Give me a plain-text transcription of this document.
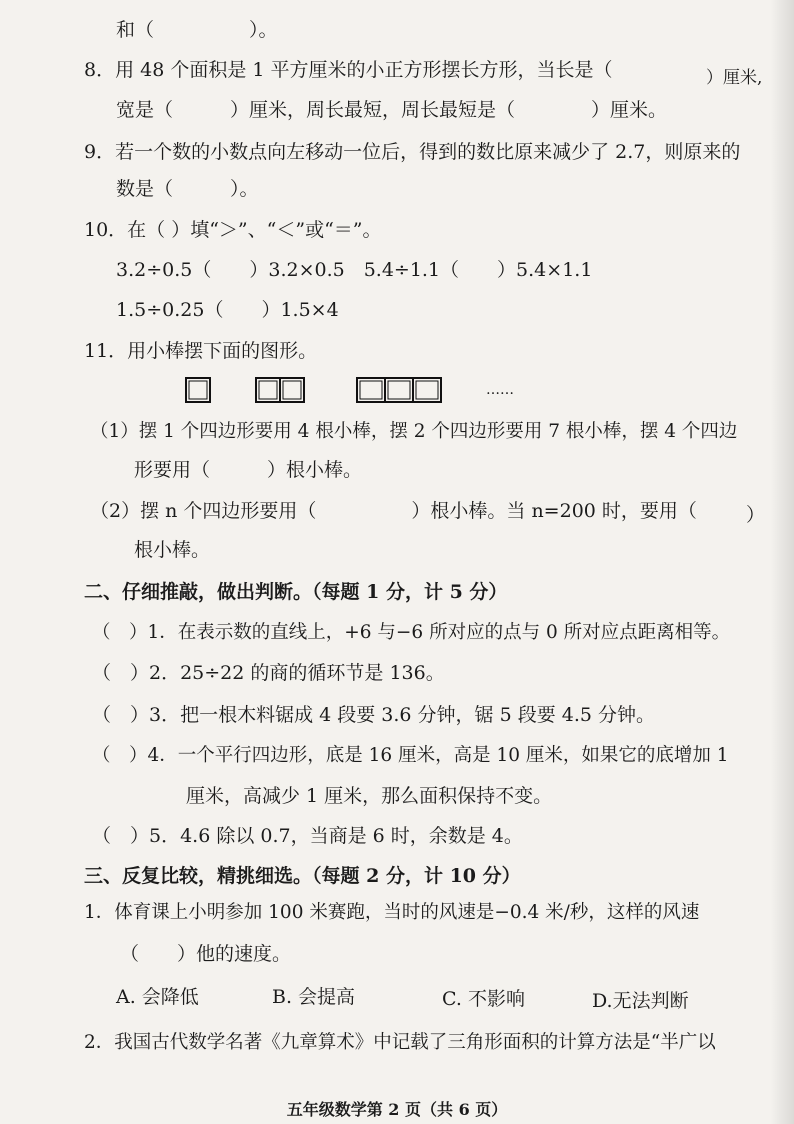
和（　　　　　）。
8．用 48 个面积是 1 平方厘米的小正方形摆长方形，当长是（	）厘米,
宽是（　　　）厘米，周长最短，周长最短是（　　　　）厘米。
9．若一个数的小数点向左移动一位后，得到的数比原来减少了 2.7，则原来的
数是（　　　）。
10．在（ ）填“＞”、“＜”或“＝”。
3.2÷0.5（　　）3.2×0.5　5.4÷1.1（　　）5.4×1.1
1.5÷0.25（　　）1.5×4
11．用小棒摆下面的图形。
……
（1）摆 1 个四边形要用 4 根小棒，摆 2 个四边形要用 7 根小棒，摆 4 个四边
形要用（　　　）根小棒。
（2）摆 n 个四边形要用（　　　　　）根小棒。当 n=200 时，要用（	）
根小棒。
二、仔细推敲，做出判断。（每题 1 分，计 5 分）
（　）1．在表示数的直线上，+6 与−6 所对应的点与 0 所对应点距离相等。
（　）2．25÷22 的商的循环节是 136。
（　）3．把一根木料锯成 4 段要 3.6 分钟，锯 5 段要 4.5 分钟。
（　）4．一个平行四边形，底是 16 厘米，高是 10 厘米，如果它的底增加 1
厘米，高减少 1 厘米，那么面积保持不变。
（　）5．4.6 除以 0.7，当商是 6 时，余数是 4。
三、反复比较，精挑细选。（每题 2 分，计 10 分）
1．体育课上小明参加 100 米赛跑，当时的风速是−0.4 米/秒，这样的风速
（　　）他的速度。
A. 会降低	B. 会提高	C. 不影响	D.无法判断
2．我国古代数学名著《九章算术》中记载了三角形面积的计算方法是“半广以
五年级数学第 2 页（共 6 页）
